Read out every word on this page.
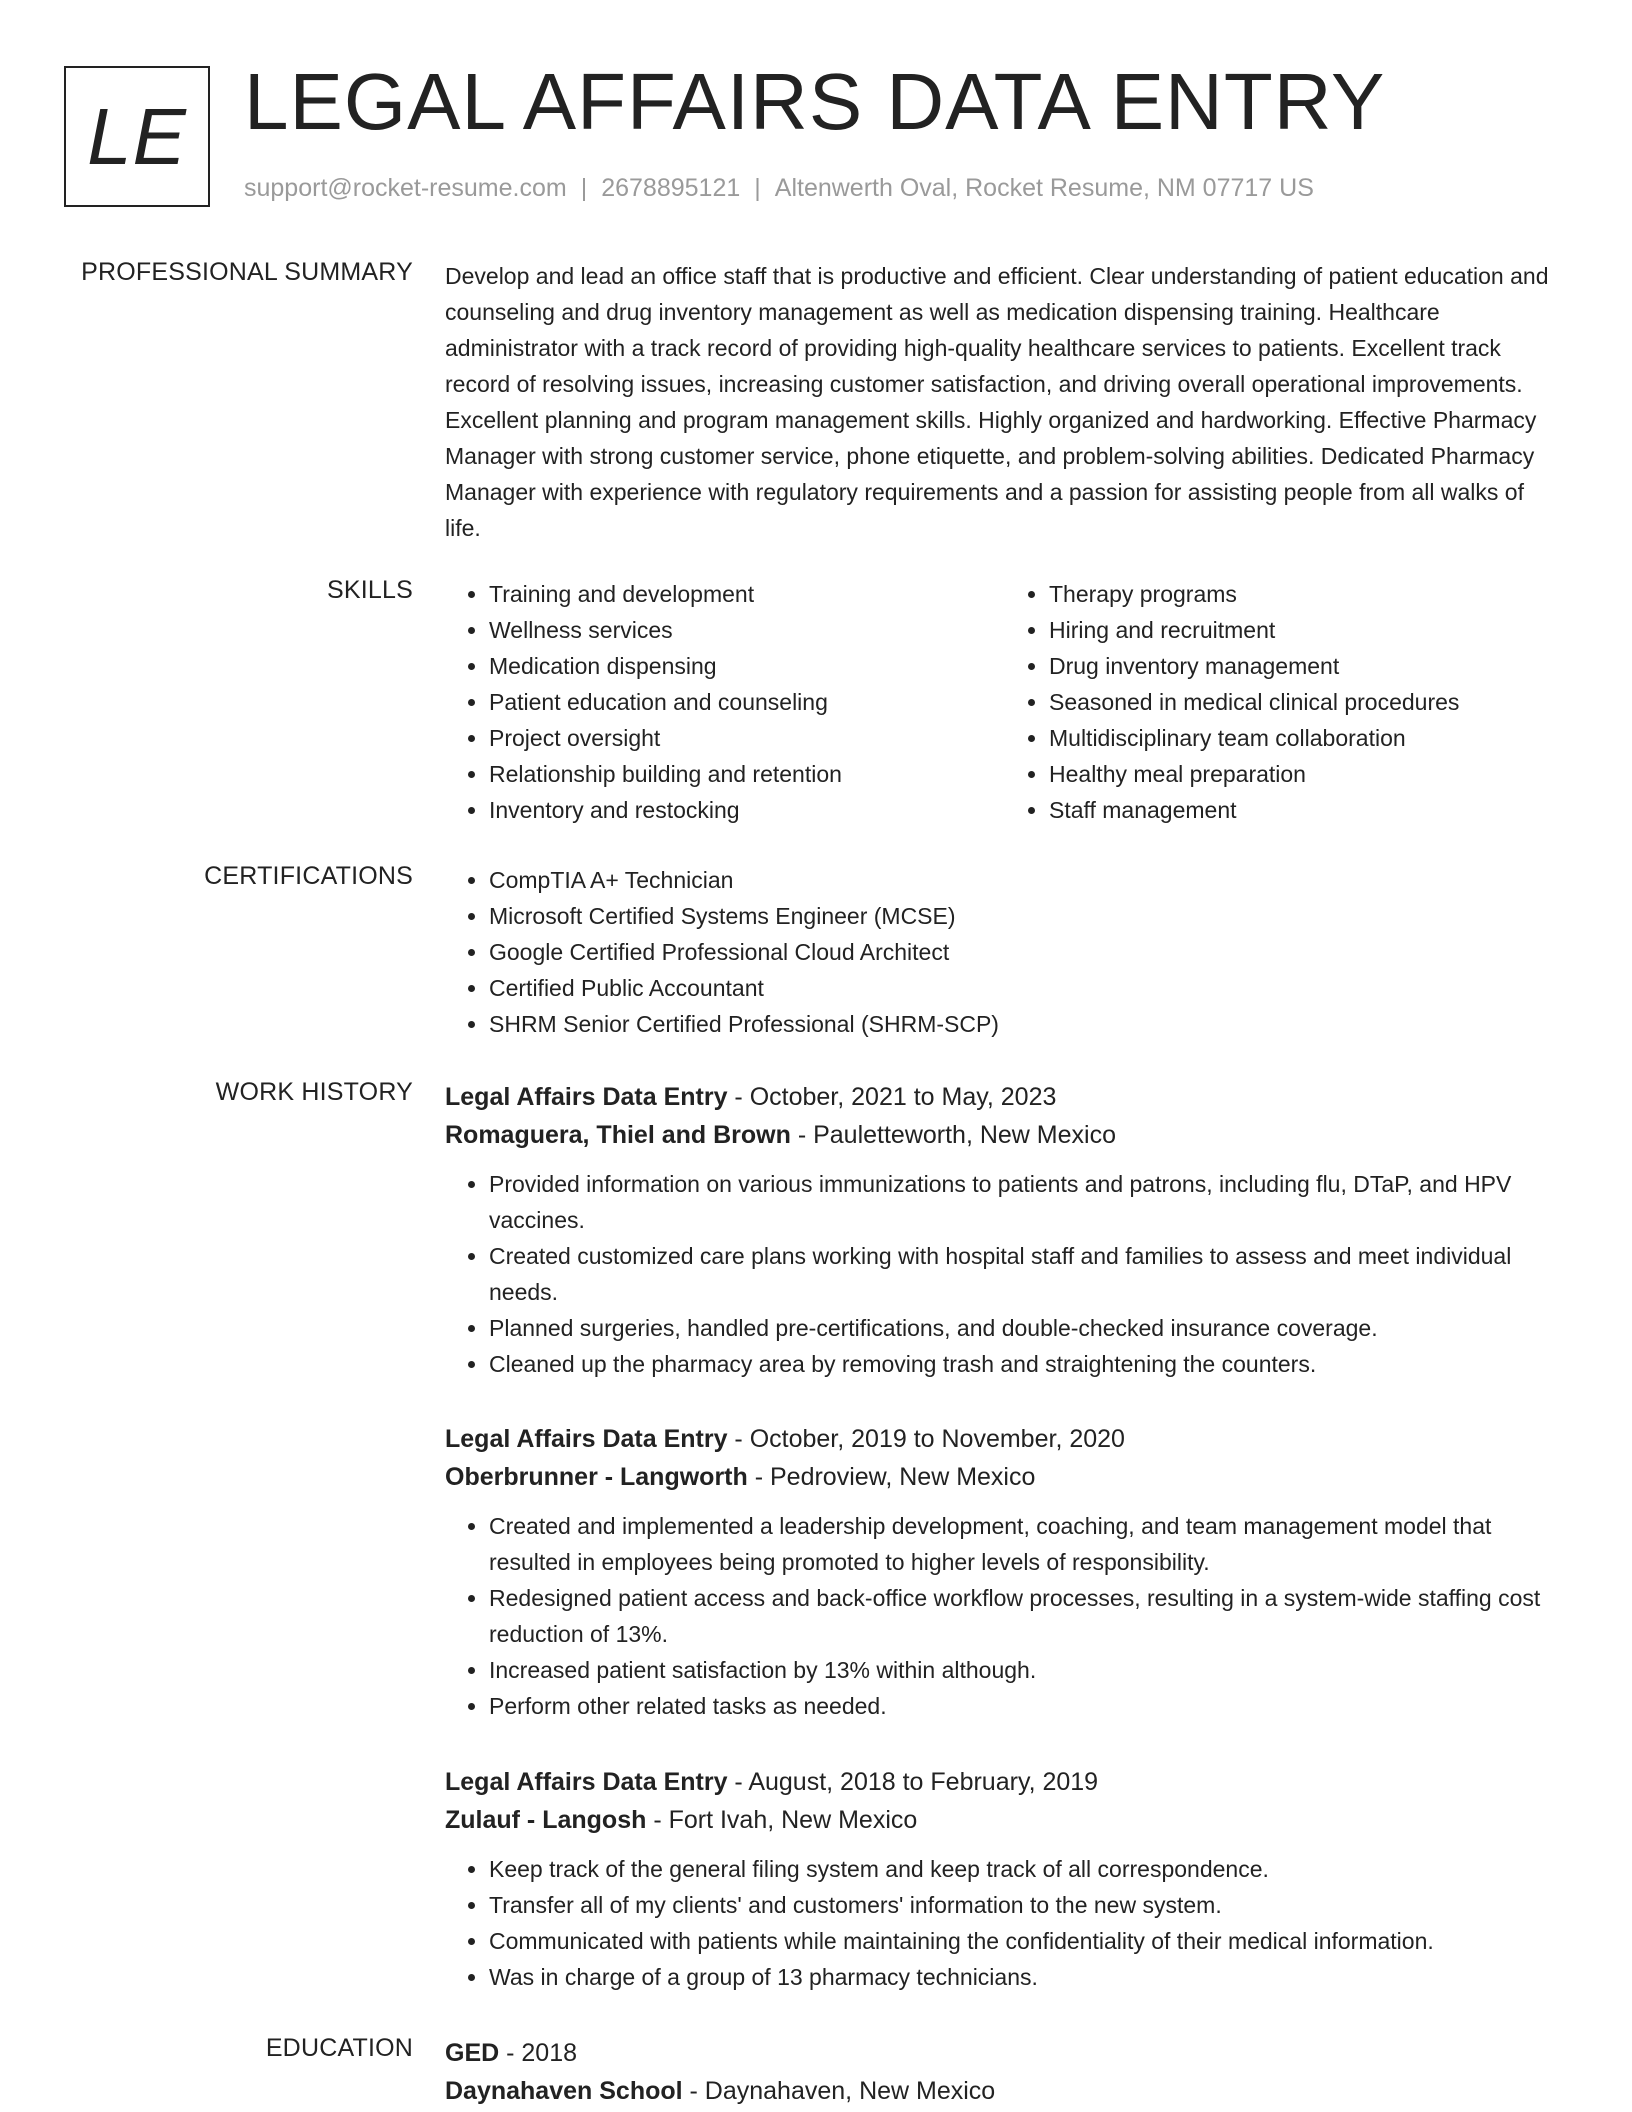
LE LEGAL AFFAIRS DATA ENTRY
support@rocket-resume.com | 2678895121 | Altenwerth Oval, Rocket Resume, NM 07717 US
PROFESSIONAL SUMMARY Develop and lead an office staff that is productive and efficient. Clear understanding of patient education and counseling and drug inventory management as well as medication dispensing training. Healthcare administrator with a track record of providing high-quality healthcare services to patients. Excellent track record of resolving issues, increasing customer satisfaction, and driving overall operational improvements. Excellent planning and program management skills. Highly organized and hardworking. Effective Pharmacy Manager with strong customer service, phone etiquette, and problem-solving abilities. Dedicated Pharmacy Manager with experience with regulatory requirements and a passion for assisting people from all walks of life.

SKILLS	• Training and development
• Wellness services
• Medication dispensing
• Patient education and counseling
• Project oversight
• Relationship building and retention
• Inventory and restocking
• Therapy programs
• Hiring and recruitment
• Drug inventory management
• Seasoned in medical clinical procedures
• Multidisciplinary team collaboration
• Healthy meal preparation
• Staff management
CERTIFICATIONS	• CompTIA A+ Technician
• Microsoft Certified Systems Engineer (MCSE)
• Google Certified Professional Cloud Architect
• Certified Public Accountant
• SHRM Senior Certified Professional (SHRM-SCP)
WORK HISTORY Legal Affairs Data Entry - October, 2021 to May, 2023

Romaguera, Thiel and Brown - Pauletteworth, New Mexico

• Provided information on various immunizations to patients and patrons, including flu, DTaP, and HPV vaccines.
• Created customized care plans working with hospital staff and families to assess and meet individual needs.
• Planned surgeries, handled pre-certifications, and double-checked insurance coverage.
• Cleaned up the pharmacy area by removing trash and straightening the counters.

Legal Affairs Data Entry - October, 2019 to November, 2020

Oberbrunner - Langworth - Pedroview, New Mexico

• Created and implemented a leadership development, coaching, and team management model that resulted in employees being promoted to higher levels of responsibility.
• Redesigned patient access and back-office workflow processes, resulting in a system-wide staffing cost reduction of 13%.
• Increased patient satisfaction by 13% within although.
• Perform other related tasks as needed.

Legal Affairs Data Entry - August, 2018 to February, 2019

Zulauf - Langosh - Fort Ivah, New Mexico

• Keep track of the general filing system and keep track of all correspondence.
• Transfer all of my clients' and customers' information to the new system.
• Communicated with patients while maintaining the confidentiality of their medical information.
• Was in charge of a group of 13 pharmacy technicians.
EDUCATION GED - 2018

Daynahaven School - Daynahaven, New Mexico
